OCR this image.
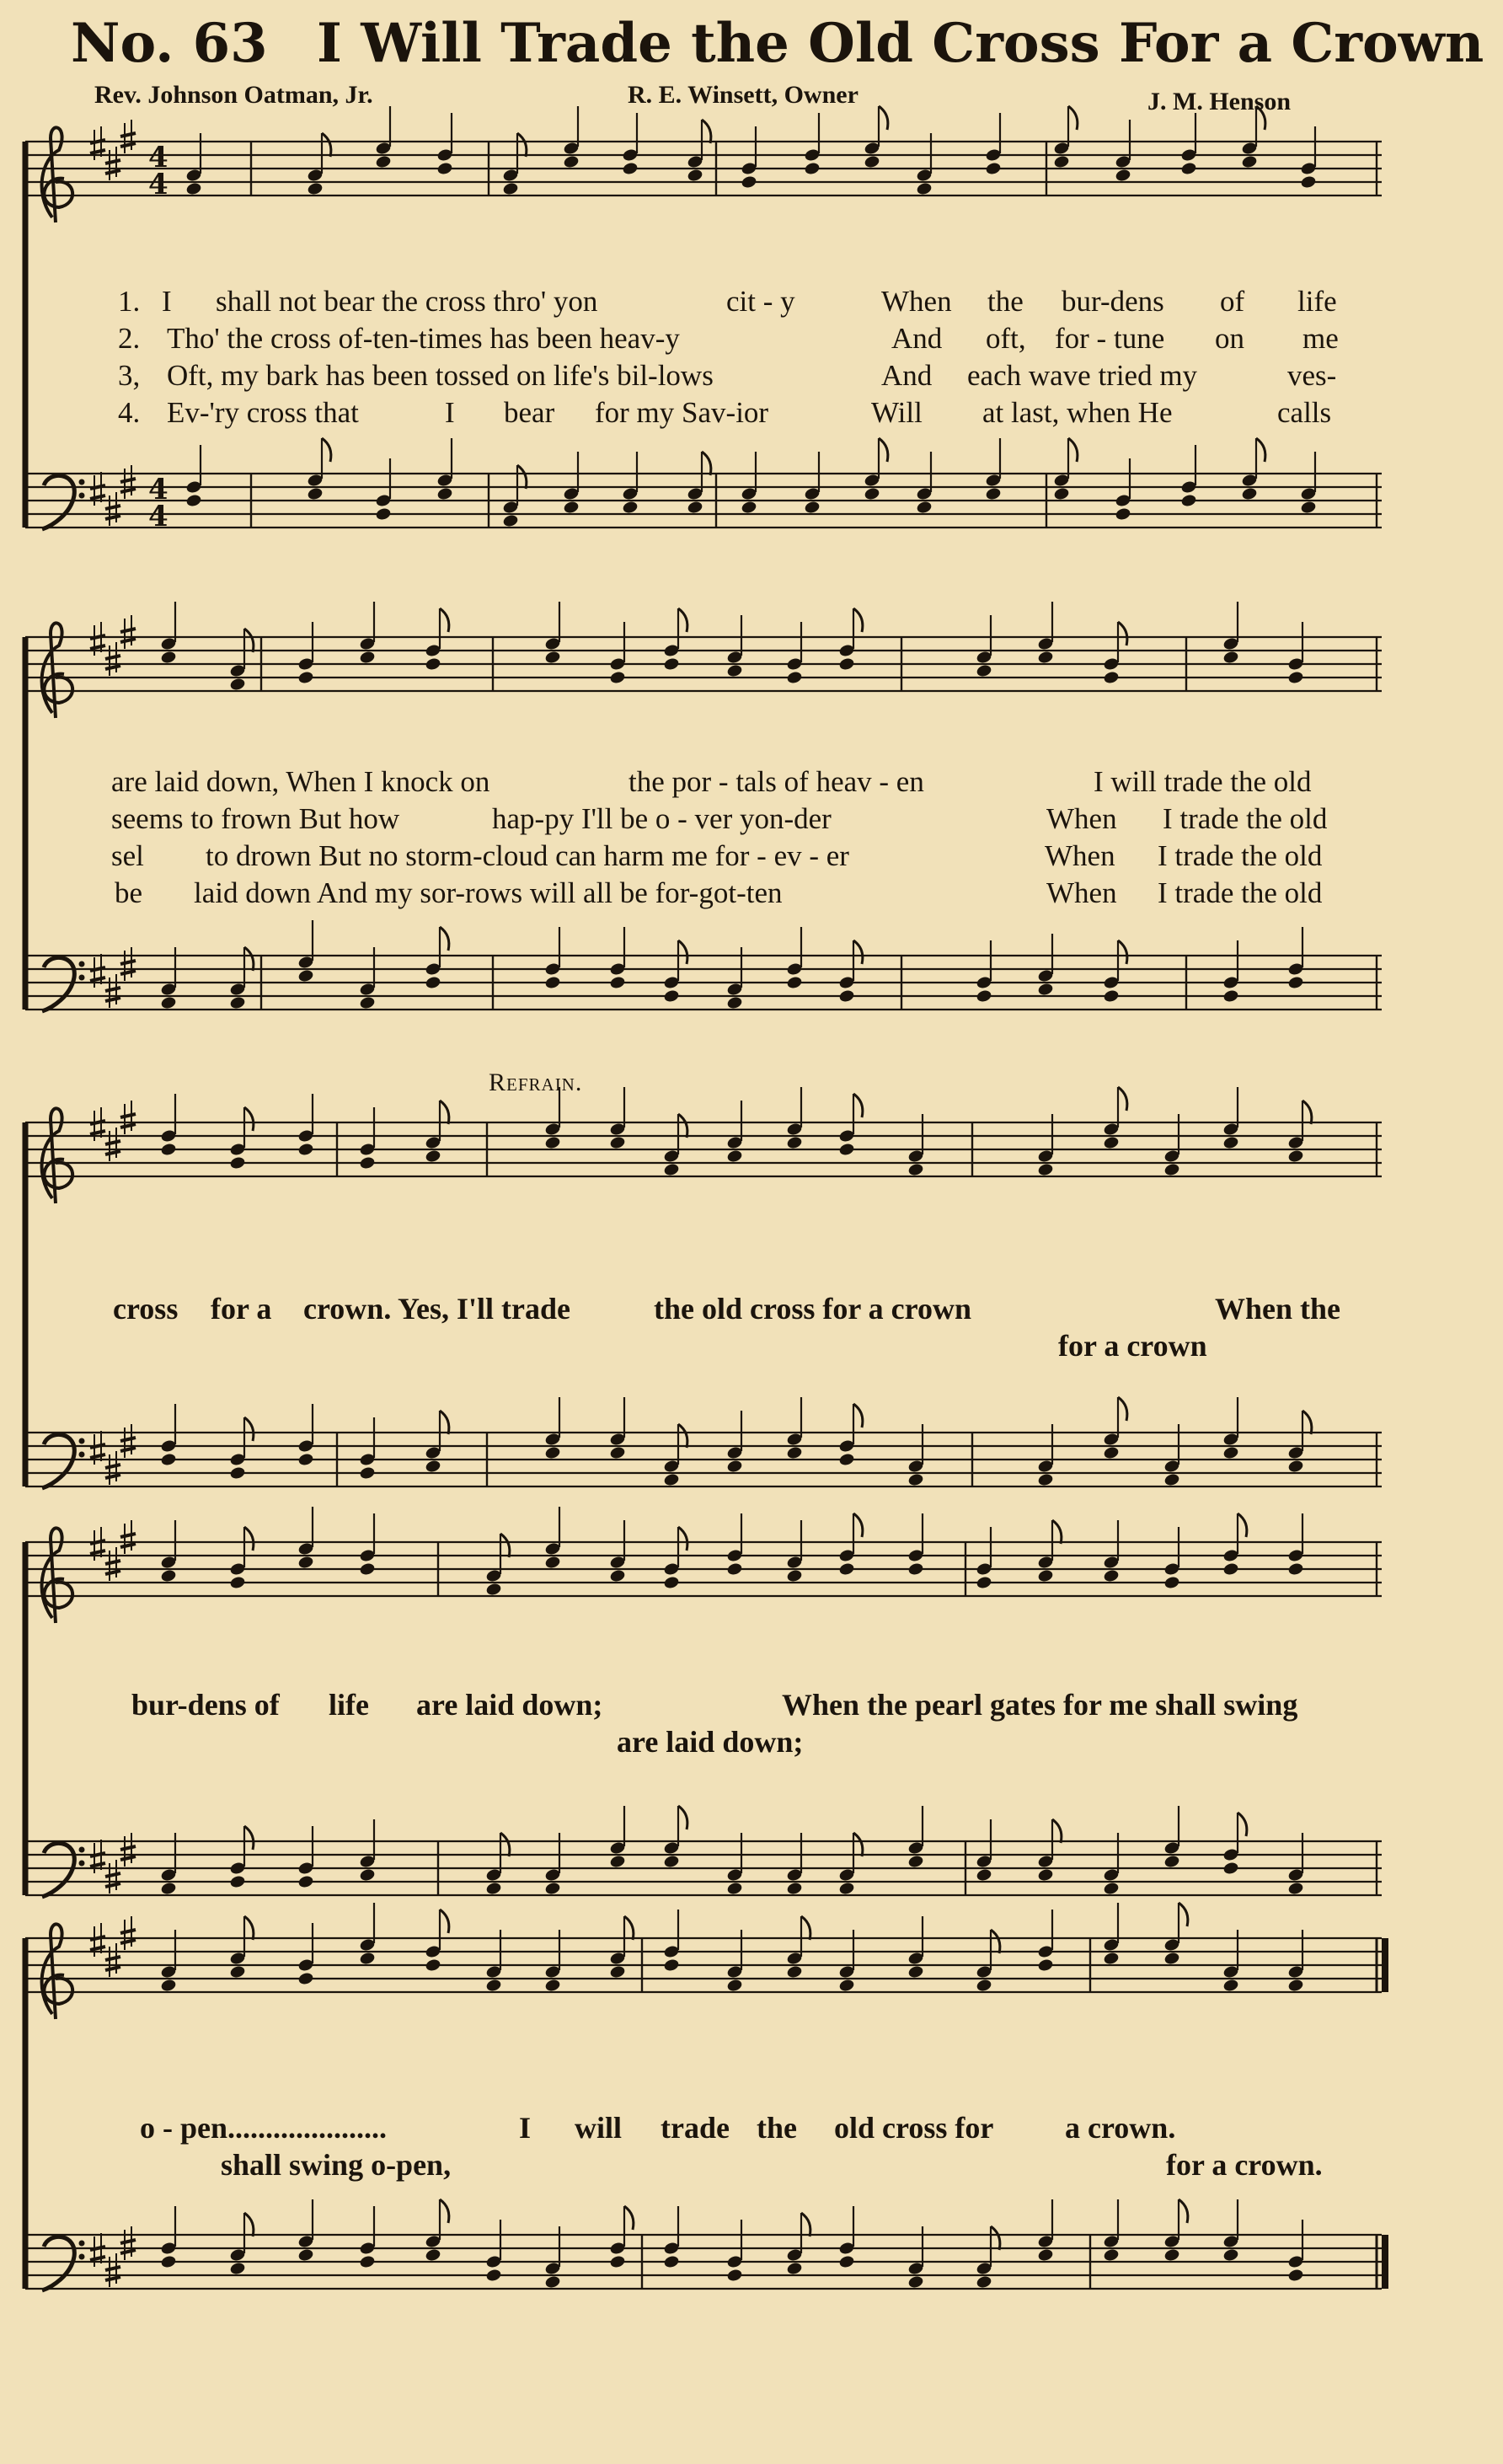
No. 63 I Will Trade the Old Cross For a Crown
Rev. Johnson Oatman, Jr.	R. E. Winsett, Owner	J. M. Henson
4
4
4
4
1. I shall not bear the cross thro' yon	cit - y	When the bur-dens of life
2. Tho' the cross of-ten-times has been heav-y	And oft, for - tune on me
3, Oft, my bark has been tossed on life's bil-lows	And each wave tried my	ves-
4. Ev-'ry cross that	I bear for my Sav-ior	Will at last, when He	calls
are laid down, When I knock on	the por - tals of heav - en	I will trade the old
seems to frown But how	hap-py I'll be o - ver yon-der	When I trade the old
sel to drown But no storm-cloud can harm me for - ev - er	When I trade the old
be laid down And my sor-rows will all be for-got-ten	When I trade the old
Refrain.
cross for a crown. Yes, I'll trade	the old cross for a crown	When the
for a crown
bur-dens of life are laid down;	When the pearl gates for me shall swing
are laid down;
o - pen.....................	I will trade the old cross for a crown.
shall swing o-pen,	for a crown.
